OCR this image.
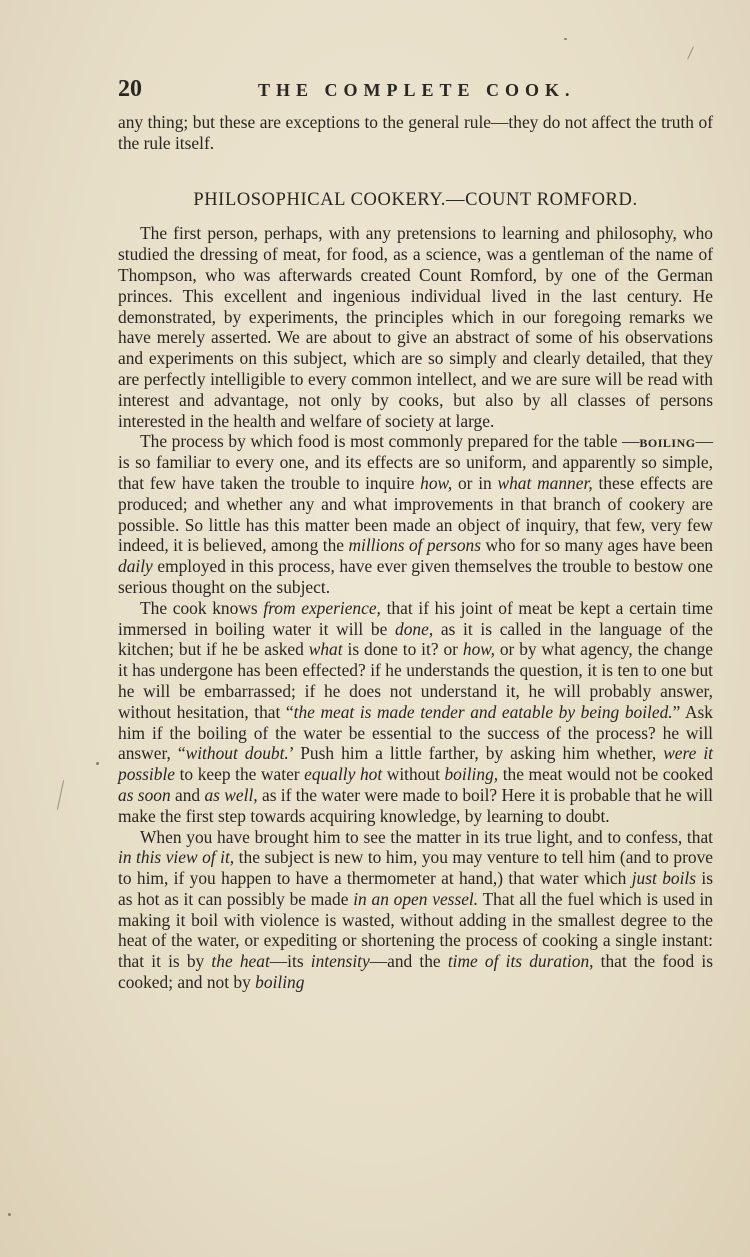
20	THE COMPLETE COOK.

any thing; but these are exceptions to the general rule—they do not affect the truth of the rule itself.

PHILOSOPHICAL COOKERY.—COUNT ROMFORD.

The first person, perhaps, with any pretensions to learning and philosophy, who studied the dressing of meat, for food, as a science, was a gentleman of the name of Thompson, who was afterwards created Count Romford, by one of the German princes. This excellent and ingenious individual lived in the last century. He demonstrated, by experiments, the principles which in our foregoing remarks we have merely asserted. We are about to give an abstract of some of his observations and experiments on this subject, which are so simply and clearly detailed, that they are perfectly intelligible to every common intellect, and we are sure will be read with interest and advantage, not only by cooks, but also by all classes of persons interested in the health and welfare of society at large.

The process by which food is most commonly prepared for the table —boiling—is so familiar to every one, and its effects are so uniform, and apparently so simple, that few have taken the trouble to inquire how, or in what manner, these effects are produced; and whether any and what improvements in that branch of cookery are possible. So little has this matter been made an object of inquiry, that few, very few indeed, it is believed, among the millions of persons who for so many ages have been daily employed in this process, have ever given themselves the trouble to bestow one serious thought on the subject.

The cook knows from experience, that if his joint of meat be kept a certain time immersed in boiling water it will be done, as it is called in the language of the kitchen; but if he be asked what is done to it? or how, or by what agency, the change it has undergone has been effected? if he understands the question, it is ten to one but he will be embarrassed; if he does not understand it, he will probably answer, without hesitation, that “the meat is made tender and eatable by being boiled.” Ask him if the boiling of the water be essential to the success of the process? he will answer, “without doubt.’ Push him a little farther, by asking him whether, were it possible to keep the water equally hot without boiling, the meat would not be cooked as soon and as well, as if the water were made to boil? Here it is probable that he will make the first step towards acquiring knowledge, by learning to doubt.

When you have brought him to see the matter in its true light, and to confess, that in this view of it, the subject is new to him, you may venture to tell him (and to prove to him, if you happen to have a thermometer at hand,) that water which just boils is as hot as it can possibly be made in an open vessel. That all the fuel which is used in making it boil with violence is wasted, without adding in the smallest degree to the heat of the water, or expediting or shortening the process of cooking a single instant: that it is by the heat—its intensity—and the time of its duration, that the food is cooked; and not by boiling
